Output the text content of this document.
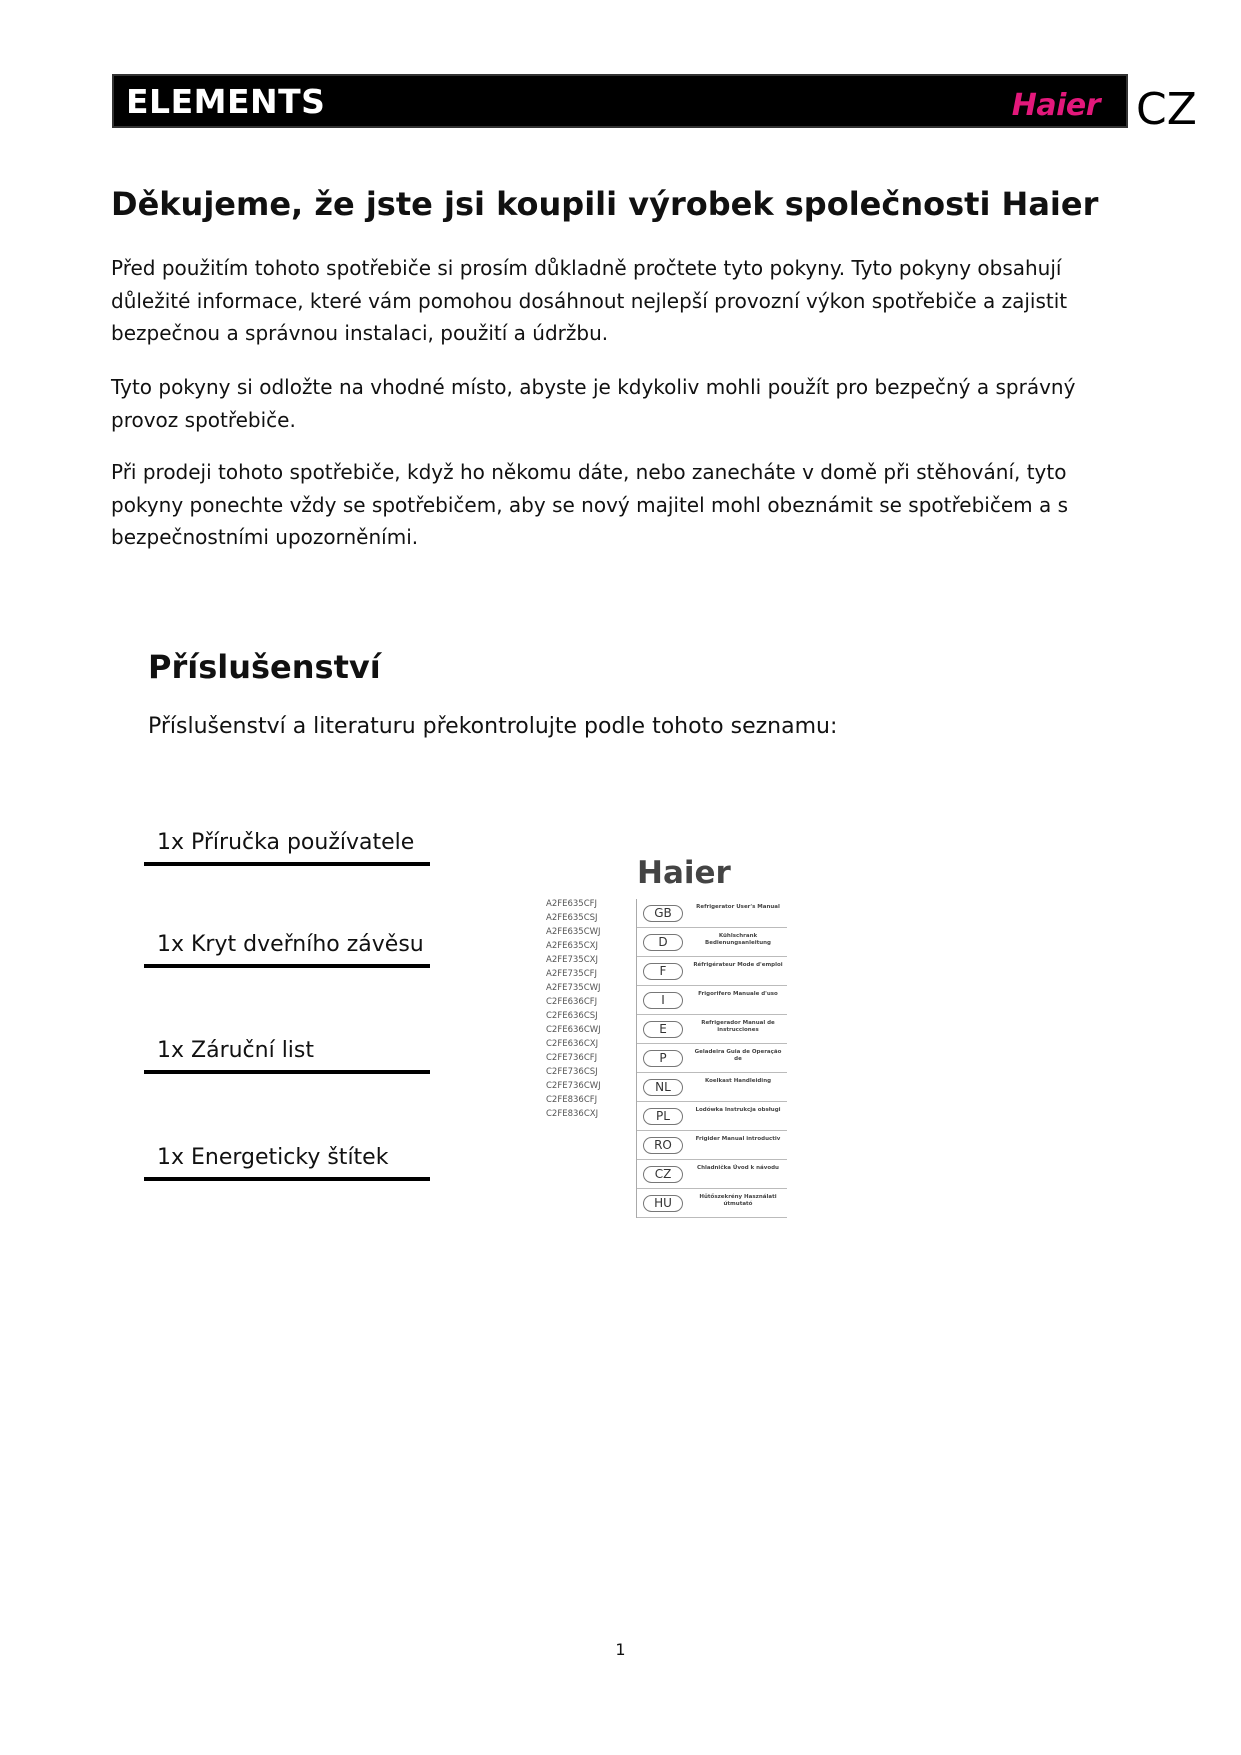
ELEMENTS	Haier CZ
Děkujeme, že jste jsi koupili výrobek společnosti Haier
Před použitím tohoto spotřebiče si prosím důkladně pročtete tyto pokyny. Tyto pokyny obsahují důležité informace, které vám pomohou dosáhnout nejlepší provozní výkon spotřebiče a zajistit bezpečnou a správnou instalaci, použití a údržbu.
Tyto pokyny si odložte na vhodné místo, abyste je kdykoliv mohli použít pro bezpečný a správný provoz spotřebiče.
Při prodeji tohoto spotřebiče, když ho někomu dáte, nebo zanecháte v domě při stěhování, tyto pokyny ponechte vždy se spotřebičem, aby se nový majitel mohl obeznámit se spotřebičem a s bezpečnostními upozorněními.
Příslušenství
Příslušenství a literaturu překontrolujte podle tohoto seznamu:
1x Příručka používatele
1x Kryt dveřního závěsu
1x Záruční list
1x Energeticky štítek
Haier
A2FE635CFJ
A2FE635CSJ
A2FE635CWJ
A2FE635CXJ
A2FE735CXJ
A2FE735CFJ
A2FE735CWJ
C2FE636CFJ
C2FE636CSJ
C2FE636CWJ
C2FE636CXJ
C2FE736CFJ
C2FE736CSJ
C2FE736CWJ
C2FE836CFJ
C2FE836CXJ
GB	Refrigerator User's Manual
D	Kühlschrank Bedienungsanleitung
F	Réfrigérateur Mode d'emploi
I	Frigorifero Manuale d'uso
E	Refrigerador Manual de instrucciones
P	Geladeira Guia de Operação de
NL	Koelkast Handleiding
PL	Lodówka Instrukcja obsługi
RO	Frigider Manual introductiv
CZ	Chladnička Úvod k návodu
HU	Hűtőszekrény Használati útmutató
1
